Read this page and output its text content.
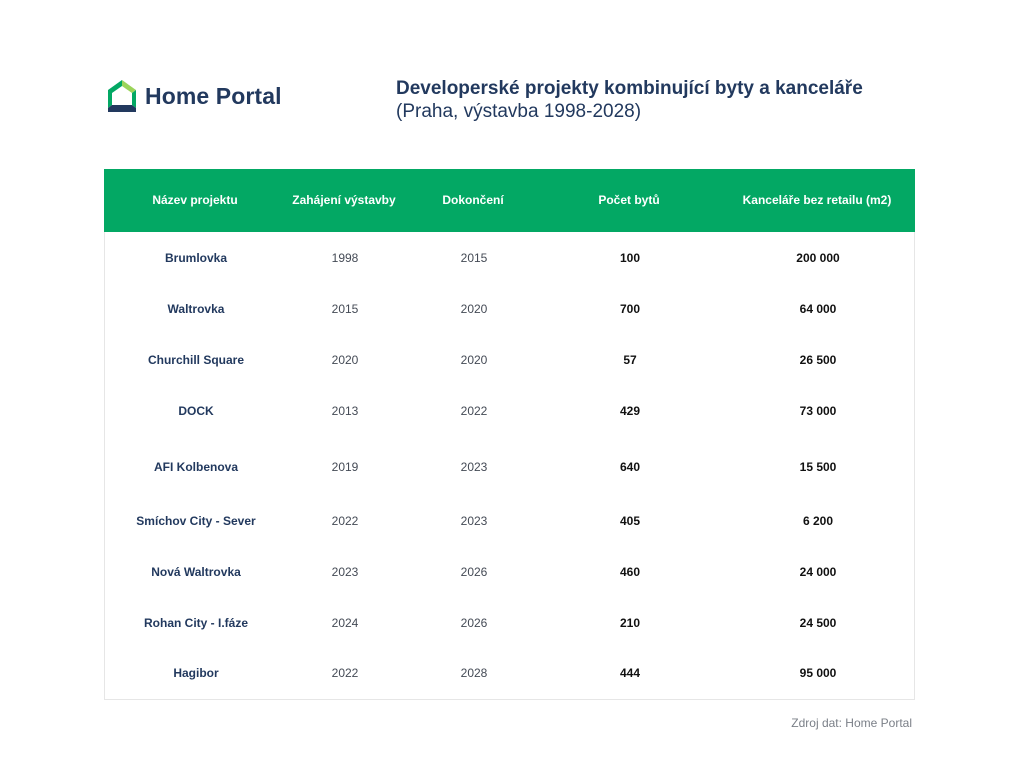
Home Portal	Developerské projekty kombinující byty a kanceláře
(Praha, výstavba 1998-2028)
Název projektu	Zahájení výstavby	Dokončení	Počet bytů	Kanceláře bez retailu (m2)
Brumlovka	1998	2015	100	200 000
Waltrovka	2015	2020	700	64 000
Churchill Square	2020	2020	57	26 500
DOCK	2013	2022	429	73 000
AFI Kolbenova	2019	2023	640	15 500
Smíchov City - Sever	2022	2023	405	6 200
Nová Waltrovka	2023	2026	460	24 000
Rohan City - I.fáze	2024	2026	210	24 500
Hagibor	2022	2028	444	95 000
Zdroj dat: Home Portal
